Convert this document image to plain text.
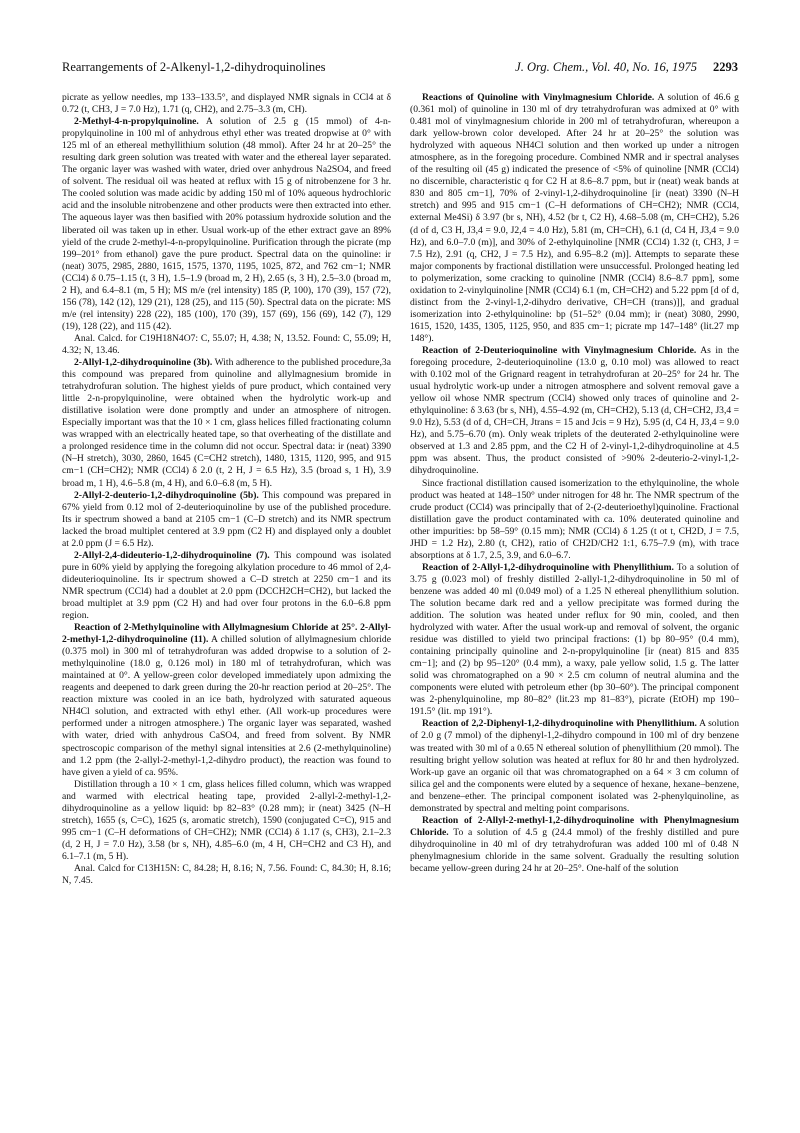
Rearrangements of 2-Alkenyl-1,2-dihydroquinolines	J. Org. Chem., Vol. 40, No. 16, 1975 2293

picrate as yellow needles, mp 133–133.5°, and displayed NMR signals in CCl4 at δ 0.72 (t, CH3, J = 7.0 Hz), 1.71 (q, CH2), and 2.75–3.3 (m, CH).

2-Methyl-4-n-propylquinoline. A solution of 2.5 g (15 mmol) of 4-n-propylquinoline in 100 ml of anhydrous ethyl ether was treated dropwise at 0° with 125 ml of an ethereal methyllithium solution (48 mmol). After 24 hr at 20–25° the resulting dark green solution was treated with water and the ethereal layer separated. The organic layer was washed with water, dried over anhydrous Na2SO4, and freed of solvent. The residual oil was heated at reflux with 15 g of nitrobenzene for 3 hr. The cooled solution was made acidic by adding 150 ml of 10% aqueous hydrochloric acid and the insoluble nitrobenzene and other products were then extracted into ether. The aqueous layer was then basified with 20% potassium hydroxide solution and the liberated oil was taken up in ether. Usual work-up of the ether extract gave an 89% yield of the crude 2-methyl-4-n-propylquinoline. Purification through the picrate (mp 199–201° from ethanol) gave the pure product. Spectral data on the quinoline: ir (neat) 3075, 2985, 2880, 1615, 1575, 1370, 1195, 1025, 872, and 762 cm−1; NMR (CCl4) δ 0.75–1.15 (t, 3 H), 1.5–1.9 (broad m, 2 H), 2.65 (s, 3 H), 2.5–3.0 (broad m, 2 H), and 6.4–8.1 (m, 5 H); MS m/e (rel intensity) 185 (P, 100), 170 (39), 157 (72), 156 (78), 142 (12), 129 (21), 128 (25), and 115 (50). Spectral data on the picrate: MS m/e (rel intensity) 228 (22), 185 (100), 170 (39), 157 (69), 156 (69), 142 (7), 129 (19), 128 (22), and 115 (42).

Anal. Calcd. for C19H18N4O7: C, 55.07; H, 4.38; N, 13.52. Found: C, 55.09; H, 4.32; N, 13.46.

2-Allyl-1,2-dihydroquinoline (3b). With adherence to the published procedure,3a this compound was prepared from quinoline and allylmagnesium bromide in tetrahydrofuran solution. The highest yields of pure product, which contained very little 2-n-propylquinoline, were obtained when the hydrolytic work-up and distillative isolation were done promptly and under an atmosphere of nitrogen. Especially important was that the 10 × 1 cm, glass helices filled fractionating column was wrapped with an electrically heated tape, so that overheating of the distillate and a prolonged residence time in the column did not occur. Spectral data: ir (neat) 3390 (N–H stretch), 3030, 2860, 1645 (C=CH2 stretch), 1480, 1315, 1120, 995, and 915 cm−1 (CH=CH2); NMR (CCl4) δ 2.0 (t, 2 H, J = 6.5 Hz), 3.5 (broad s, 1 H), 3.9 broad m, 1 H), 4.6–5.8 (m, 4 H), and 6.0–6.8 (m, 5 H).

2-Allyl-2-deuterio-1,2-dihydroquinoline (5b). This compound was prepared in 67% yield from 0.12 mol of 2-deuterioquinoline by use of the published procedure. Its ir spectrum showed a band at 2105 cm−1 (C–D stretch) and its NMR spectrum lacked the broad multiplet centered at 3.9 ppm (C2 H) and displayed only a doublet at 2.0 ppm (J = 6.5 Hz).

2-Allyl-2,4-dideuterio-1,2-dihydroquinoline (7). This compound was isolated pure in 60% yield by applying the foregoing alkylation procedure to 46 mmol of 2,4-dideuterioquinoline. Its ir spectrum showed a C–D stretch at 2250 cm−1 and its NMR spectrum (CCl4) had a doublet at 2.0 ppm (DCCH2CH=CH2), but lacked the broad multiplet at 3.9 ppm (C2 H) and had over four protons in the 6.0–6.8 ppm region.

Reaction of 2-Methylquinoline with Allylmagnesium Chloride at 25°. 2-Allyl-2-methyl-1,2-dihydroquinoline (11). A chilled solution of allylmagnesium chloride (0.375 mol) in 300 ml of tetrahydrofuran was added dropwise to a solution of 2-methylquinoline (18.0 g, 0.126 mol) in 180 ml of tetrahydrofuran, which was maintained at 0°. A yellow-green color developed immediately upon admixing the reagents and deepened to dark green during the 20-hr reaction period at 20–25°. The reaction mixture was cooled in an ice bath, hydrolyzed with saturated aqueous NH4Cl solution, and extracted with ethyl ether. (All work-up procedures were performed under a nitrogen atmosphere.) The organic layer was separated, washed with water, dried with anhydrous CaSO4, and freed from solvent. By NMR spectroscopic comparison of the methyl signal intensities at 2.6 (2-methylquinoline) and 1.2 ppm (the 2-allyl-2-methyl-1,2-dihydro product), the reaction was found to have given a yield of ca. 95%.

Distillation through a 10 × 1 cm, glass helices filled column, which was wrapped and warmed with electrical heating tape, provided 2-allyl-2-methyl-1,2-dihydroquinoline as a yellow liquid: bp 82–83° (0.28 mm); ir (neat) 3425 (N–H stretch), 1655 (s, C=C), 1625 (s, aromatic stretch), 1590 (conjugated C=C), 915 and 995 cm−1 (C–H deformations of CH=CH2); NMR (CCl4) δ 1.17 (s, CH3), 2.1–2.3 (d, 2 H, J = 7.0 Hz), 3.58 (br s, NH), 4.85–6.0 (m, 4 H, CH=CH2 and C3 H), and 6.1–7.1 (m, 5 H).

Anal. Calcd for C13H15N: C, 84.28; H, 8.16; N, 7.56. Found: C, 84.30; H, 8.16; N, 7.45.

Reactions of Quinoline with Vinylmagnesium Chloride. A solution of 46.6 g (0.361 mol) of quinoline in 130 ml of dry tetrahydrofuran was admixed at 0° with 0.481 mol of vinylmagnesium chloride in 200 ml of tetrahydrofuran, whereupon a dark yellow-brown color developed. After 24 hr at 20–25° the solution was hydrolyzed with aqueous NH4Cl solution and then worked up under a nitrogen atmosphere, as in the foregoing procedure. Combined NMR and ir spectral analyses of the resulting oil (45 g) indicated the presence of <5% of quinoline [NMR (CCl4) no discernible, characteristic q for C2 H at 8.6–8.7 ppm, but ir (neat) weak bands at 830 and 805 cm−1], 70% of 2-vinyl-1,2-dihydroquinoline [ir (neat) 3390 (N–H stretch) and 995 and 915 cm−1 (C–H deformations of CH=CH2); NMR (CCl4, external Me4Si) δ 3.97 (br s, NH), 4.52 (br t, C2 H), 4.68–5.08 (m, CH=CH2), 5.26 (d of d, C3 H, J3,4 = 9.0, J2,4 = 4.0 Hz), 5.81 (m, CH=CH), 6.1 (d, C4 H, J3,4 = 9.0 Hz), and 6.0–7.0 (m)], and 30% of 2-ethylquinoline [NMR (CCl4) 1.32 (t, CH3, J = 7.5 Hz), 2.91 (q, CH2, J = 7.5 Hz), and 6.95–8.2 (m)]. Attempts to separate these major components by fractional distillation were unsuccessful. Prolonged heating led to polymerization, some cracking to quinoline [NMR (CCl4) 8.6–8.7 ppm], some oxidation to 2-vinylquinoline [NMR (CCl4) 6.1 (m, CH=CH2) and 5.22 ppm [d of d, distinct from the 2-vinyl-1,2-dihydro derivative, CH=CH (trans)]], and gradual isomerization into 2-ethylquinoline: bp (51–52° (0.04 mm); ir (neat) 3080, 2990, 1615, 1520, 1435, 1305, 1125, 950, and 835 cm−1; picrate mp 147–148° (lit.27 mp 148°).

Reaction of 2-Deuterioquinoline with Vinylmagnesium Chloride. As in the foregoing procedure, 2-deuterioquinoline (13.0 g, 0.10 mol) was allowed to react with 0.102 mol of the Grignard reagent in tetrahydrofuran at 20–25° for 24 hr. The usual hydrolytic work-up under a nitrogen atmosphere and solvent removal gave a yellow oil whose NMR spectrum (CCl4) showed only traces of quinoline and 2-ethylquinoline: δ 3.63 (br s, NH), 4.55–4.92 (m, CH=CH2), 5.13 (d, CH=CH2, J3,4 = 9.0 Hz), 5.53 (d of d, CH=CH, Jtrans = 15 and Jcis = 9 Hz), 5.95 (d, C4 H, J3,4 = 9.0 Hz), and 5.75–6.70 (m). Only weak triplets of the deuterated 2-ethylquinoline were observed at 1.3 and 2.85 ppm, and the C2 H of 2-vinyl-1,2-dihydroquinoline at 4.5 ppm was absent. Thus, the product consisted of >90% 2-deuterio-2-vinyl-1,2-dihydroquinoline.

Since fractional distillation caused isomerization to the ethylquinoline, the whole product was heated at 148–150° under nitrogen for 48 hr. The NMR spectrum of the crude product (CCl4) was principally that of 2-(2-deuterioethyl)quinoline. Fractional distillation gave the product contaminated with ca. 10% deuterated quinoline and other impurities: bp 58–59° (0.15 mm); NMR (CCl4) δ 1.25 (t ot t, CH2D, J = 7.5, JHD = 1.2 Hz), 2.80 (t, CH2), ratio of CH2D/CH2 1:1, 6.75–7.9 (m), with trace absorptions at δ 1.7, 2.5, 3.9, and 6.0–6.7.

Reaction of 2-Allyl-1,2-dihydroquinoline with Phenyllithium. To a solution of 3.75 g (0.023 mol) of freshly distilled 2-allyl-1,2-dihydroquinoline in 50 ml of benzene was added 40 ml (0.049 mol) of a 1.25 N ethereal phenyllithium solution. The solution became dark red and a yellow precipitate was formed during the addition. The solution was heated under reflux for 90 min, cooled, and then hydrolyzed with water. After the usual work-up and removal of solvent, the organic residue was distilled to yield two principal fractions: (1) bp 80–95° (0.4 mm), containing principally quinoline and 2-n-propylquinoline [ir (neat) 815 and 835 cm−1]; and (2) bp 95–120° (0.4 mm), a waxy, pale yellow solid, 1.5 g. The latter solid was chromatographed on a 90 × 2.5 cm column of neutral alumina and the components were eluted with petroleum ether (bp 30–60°). The principal component was 2-phenylquinoline, mp 80–82° (lit.23 mp 81–83°), picrate (EtOH) mp 190–191.5° (lit. mp 191°).

Reaction of 2,2-Diphenyl-1,2-dihydroquinoline with Phenyllithium. A solution of 2.0 g (7 mmol) of the diphenyl-1,2-dihydro compound in 100 ml of dry benzene was treated with 30 ml of a 0.65 N ethereal solution of phenyllithium (20 mmol). The resulting bright yellow solution was heated at reflux for 80 hr and then hydrolyzed. Work-up gave an organic oil that was chromatographed on a 64 × 3 cm column of silica gel and the components were eluted by a sequence of hexane, hexane–benzene, and benzene–ether. The principal component isolated was 2-phenylquinoline, as demonstrated by spectral and melting point comparisons.

Reaction of 2-Allyl-2-methyl-1,2-dihydroquinoline with Phenylmagnesium Chloride. To a solution of 4.5 g (24.4 mmol) of the freshly distilled and pure dihydroquinoline in 40 ml of dry tetrahydrofuran was added 100 ml of 0.48 N phenylmagnesium chloride in the same solvent. Gradually the resulting solution became yellow-green during 24 hr at 20–25°. One-half of the solution
